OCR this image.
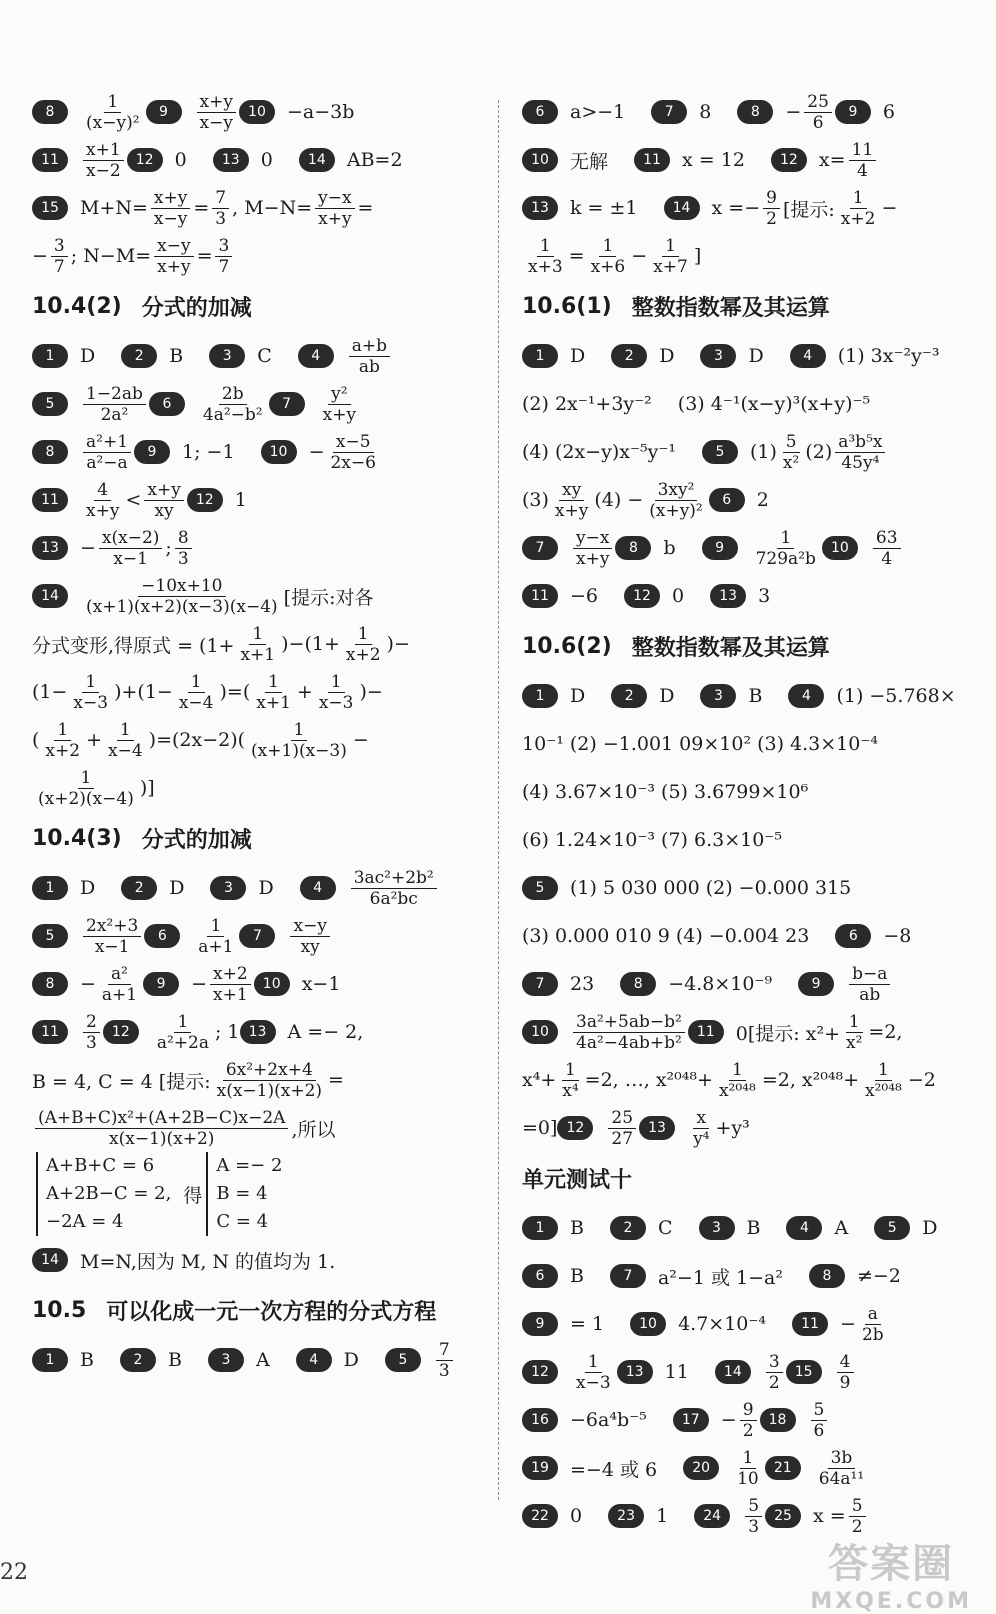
8	$\frac{1}{\text{(x−y)²}}$	9	$\frac{x+y}{x-y} 10$	−a−3b
11	$\frac{x+1}{x-2} 12$	0	13	0	14	AB=2
15	$M+N= \frac{x+y}{x-y} = \frac{7}{3}$ , $M-N= \frac{y-x}{x+y}$ =
− $\frac{3}{7}$ ; $N-M= \frac{x-y}{x+y} = \frac{3}{7}$
10.4(2) 分式的加减
1	D	2	B	3	C	4	$\frac{a+b}{ab}$
5	$\frac{1-2ab}{\text{2a²}}$	6	$\frac{2b}{\text{4a²−b²}}$	7	$\frac{\text{y²}}{x+y}$
8	$\frac{\text{a²+1}}{\text{a²−a}}$	9	1; −1	10	− $\frac{x-5}{2x-6}$
11	$\frac{4}{x+y} < \frac{x+y}{xy} 12$	1
13	− $\frac{x(x-2)}{x-1}$ ; $\frac{8}{3}$
14	$\frac{-10x+10}{(x+1)(x+2)(x-3)(x-4)}$ [提示:对各
分式变形,得原式 = $(1+ \frac{1}{x+1} )-(1+ \frac{1}{x+2}$ )−
$(1- \frac{1}{x-3} )+(1- \frac{1}{x-4}$ )=( $\frac{1}{x+1} + \frac{1}{x-3}$ )−
( $\frac{1}{x+2} + \frac{1}{x-4} )=(2x-2)( \frac{1}{(x+1)(x-3)}$ −
$\frac{1}{(x+2)(x-4)}$ )]
10.4(3) 分式的加减
1	D	2	D	3	D	4	$\frac{\text{3ac²+2b²}}{\text{6a²bc}}$
5	$\frac{\text{2x²+3}}{x-1}$	6	$\frac{1}{a+1}$	7	$\frac{x-y}{xy}$
8	− $\frac{\text{a²}}{a+1}$	9	− $\frac{x+2}{x+1} 10$	x−1
11	$\frac{2}{3} 12$	$\frac{1}{\text{a²+2a}}$ ; 1 13	A =− 2,
B = 4, C = 4 [提示: $\frac{\text{6x²+2x+4}}{x(x-1)(x+2)}$ =
$\frac{\text{(A+B+C)x²+(A+2B−C)x−2A}}{x(x-1)(x+2)}$ ,所以
A+B+C = 6
A+2B−C = 2,
−2A = 4
得
A =− 2
B = 4
C = 4
14	M=N,因为 M, N 的值均为 1.
10.5 可以化成一元一次方程的分式方程
1	B	2	B	3	A	4	D	5	$\frac{7}{3}$
6	a>−1	7	8	8	− $\frac{25}{6}$	9	6
10	无解	11	x = 12	12	$x= \frac{11}{4}$
13	k = ±1	14	$x =- \frac{9}{2}$ [提示: $\frac{1}{x+2}$ −
$\frac{1}{x+3} = \frac{1}{x+6} - \frac{1}{x+7}$ ]
10.6(1) 整数指数幂及其运算
1	D	2	D	3	D	4	(1) 3x⁻²y⁻³
(2) 2x⁻¹+3y⁻² (3) 4⁻¹(x−y)³(x+y)⁻⁵
(4) (2x−y)x⁻⁵y⁻¹	5	$(1) \frac{5}{\text{x²}} (2) \frac{\text{a³b⁵x}}{\text{45y⁴}}$
$(3) \frac{xy}{x+y} (4) - \frac{\text{3xy²}}{\text{(x+y)²}}$	6	2
7	$\frac{y-x}{x+y}$	8	b	9	$\frac{1}{\text{729a²b}} 10$	$\frac{63}{4}$
11	−6	12	0	13	3
10.6(2) 整数指数幂及其运算
1	D	2	D	3	B	4	(1) −5.768×
10⁻¹ (2) −1.001 09×10² (3) 4.3×10⁻⁴
(4) 3.67×10⁻³ (5) 3.6799×10⁶
(6) 1.24×10⁻³ (7) 6.3×10⁻⁵
5	(1) 5 030 000 (2) −0.000 315
(3) 0.000 010 9 (4) −0.004 23	6	−8
7	23	8	−4.8×10⁻⁹	9	$\frac{b-a}{ab}$
10	$\frac{\text{3a²+5ab−b²}}{\text{4a²−4ab+b²}} 11$	0[提示: $x^2+ \frac{1}{\text{x²}} =2$,
$x^4+ \frac{1}{\text{x⁴}} =2$, …, $x^{2048}+ \frac{1}{\text{x²⁰⁴⁸}} =2$, $x^{2048}+ \frac{1}{\text{x²⁰⁴⁸}} -2$
=0] 12	$\frac{25}{27} 13$	$\frac{x}{\text{y⁴}} +y^3$
单元测试十
1	B	2	C	3	B	4	A	5	D
6	B	7	a²−1 或 1−a²	8	≠−2
9	= 1	10	4.7×10⁻⁴	11	− $\frac{a}{2b}$
12	$\frac{1}{x-3} 13$	11	14	$\frac{3}{2} 15$	$\frac{4}{9}$
16	−6a⁴b⁻⁵	17	− $\frac{9}{2} 18$	$\frac{5}{6}$
19	=−4 或 6	20	$\frac{1}{10} 21$	$\frac{3b}{\text{64a¹¹}}$
22	0	23	1	24	$\frac{5}{3} 25$	$x = \frac{5}{2}$
22	答案圈
MXQE.COM
